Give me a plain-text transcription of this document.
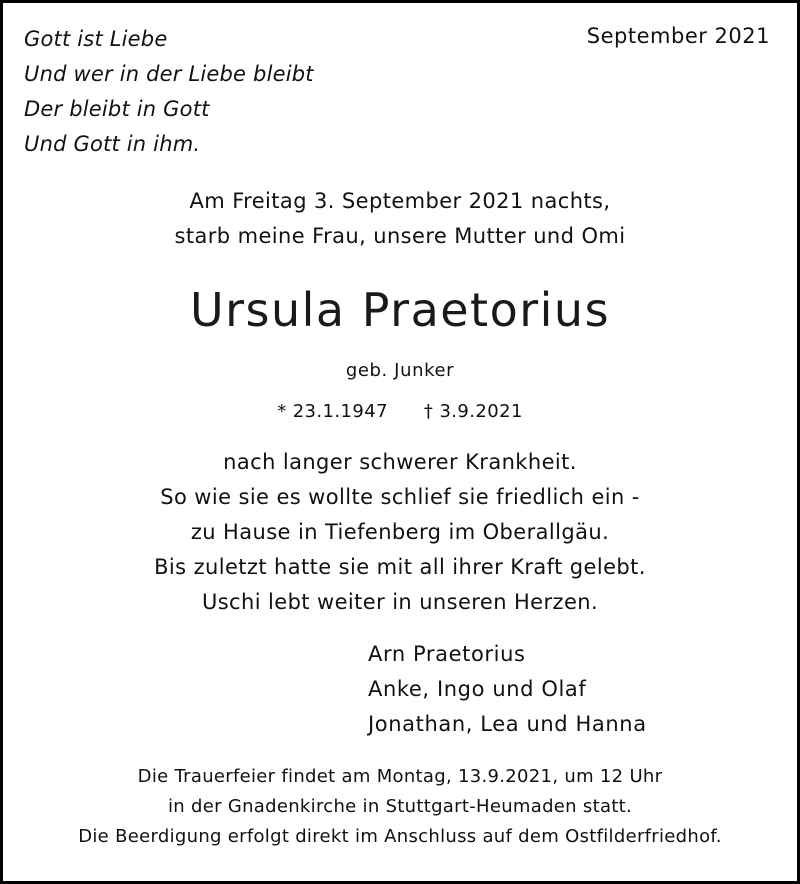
Gott ist Liebe
Und wer in der Liebe bleibt
Der bleibt in Gott
Und Gott in ihm.
September 2021
Am Freitag 3. September 2021 nachts,
starb meine Frau, unsere Mutter und Omi
Ursula Praetorius
geb. Junker
* 23.1.1947 † 3.9.2021
nach langer schwerer Krankheit.
So wie sie es wollte schlief sie friedlich ein -
zu Hause in Tiefenberg im Oberallgäu.
Bis zuletzt hatte sie mit all ihrer Kraft gelebt.
Uschi lebt weiter in unseren Herzen.
Arn Praetorius
Anke, Ingo und Olaf
Jonathan, Lea und Hanna
Die Trauerfeier findet am Montag, 13.9.2021, um 12 Uhr
in der Gnadenkirche in Stuttgart-Heumaden statt.
Die Beerdigung erfolgt direkt im Anschluss auf dem Ostfilderfriedhof.
